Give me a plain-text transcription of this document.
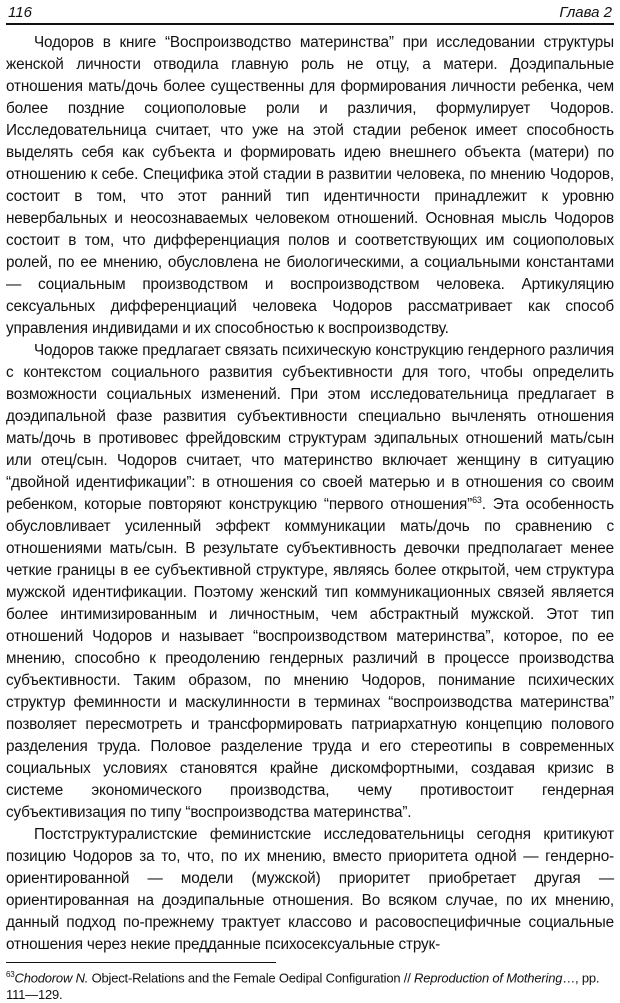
116	Глава 2

Чодоров в книге “Воспроизводство материнства” при исследовании структуры женской личности отводила главную роль не отцу, а матери. Доэдипальные отношения мать/дочь более существенны для формирования личности ребенка, чем более поздние социополовые роли и различия, формулирует Чодоров. Исследовательница считает, что уже на этой стадии ребенок имеет способность выделять себя как субъекта и формировать идею внешнего объекта (матери) по отношению к себе. Специфика этой стадии в развитии человека, по мнению Чодоров, состоит в том, что этот ранний тип идентичности принадлежит к уровню невербальных и неосознаваемых человеком отношений. Основная мысль Чодоров состоит в том, что дифференциация полов и соответствующих им социополовых ролей, по ее мнению, обусловлена не биологическими, а социальными константами — социальным производством и воспроизводством человека. Артикуляцию сексуальных дифференциаций человека Чодоров рассматривает как способ управления индивидами и их способностью к воспроизводству.

Чодоров также предлагает связать психическую конструкцию гендерного различия с контекстом социального развития субъективности для того, чтобы определить возможности социальных изменений. При этом исследовательница предлагает в доэдипальной фазе развития субъективности специально вычленять отношения мать/дочь в противовес фрейдовским структурам эдипальных отношений мать/сын или отец/сын. Чодоров считает, что материнство включает женщину в ситуацию “двойной идентификации”: в отношения со своей матерью и в отношения со своим ребенком, которые повторяют конструкцию “первого отношения”$^{63}$. Эта особенность обусловливает усиленный эффект коммуникации мать/дочь по сравнению с отношениями мать/сын. В результате субъективность девочки предполагает менее четкие границы в ее субъективной структуре, являясь более открытой, чем структура мужской идентификации. Поэтому женский тип коммуникационных связей является более интимизированным и личностным, чем абстрактный мужской. Этот тип отношений Чодоров и называет “воспроизводством материнства”, которое, по ее мнению, способно к преодолению гендерных различий в процессе производства субъективности. Таким образом, по мнению Чодоров, понимание психических структур феминности и маскулинности в терминах “воспроизводства материнства” позволяет пересмотреть и трансформировать патриархатную концепцию полового разделения труда. Половое разделение труда и его стереотипы в современных социальных условиях становятся крайне дискомфортными, создавая кризис в системе экономического производства, чему противостоит гендерная субъективизация по типу “воспроизводства материнства”.

Постструктуралистские феминистские исследовательницы сегодня критикуют позицию Чодоров за то, что, по их мнению, вместо приоритета одной — гендерно-ориентированной — модели (мужской) приоритет приобретает другая — ориентированная на доэдипальные отношения. Во всяком случае, по их мнению, данный подход по-прежнему трактует классово и расовоспецифичные социальные отношения через некие предданные психосексуальные струк-

$^{63}$Chodorow N. Object-Relations and the Female Oedipal Configuration // Reproduction of Mothering…, pp. 111—129.
